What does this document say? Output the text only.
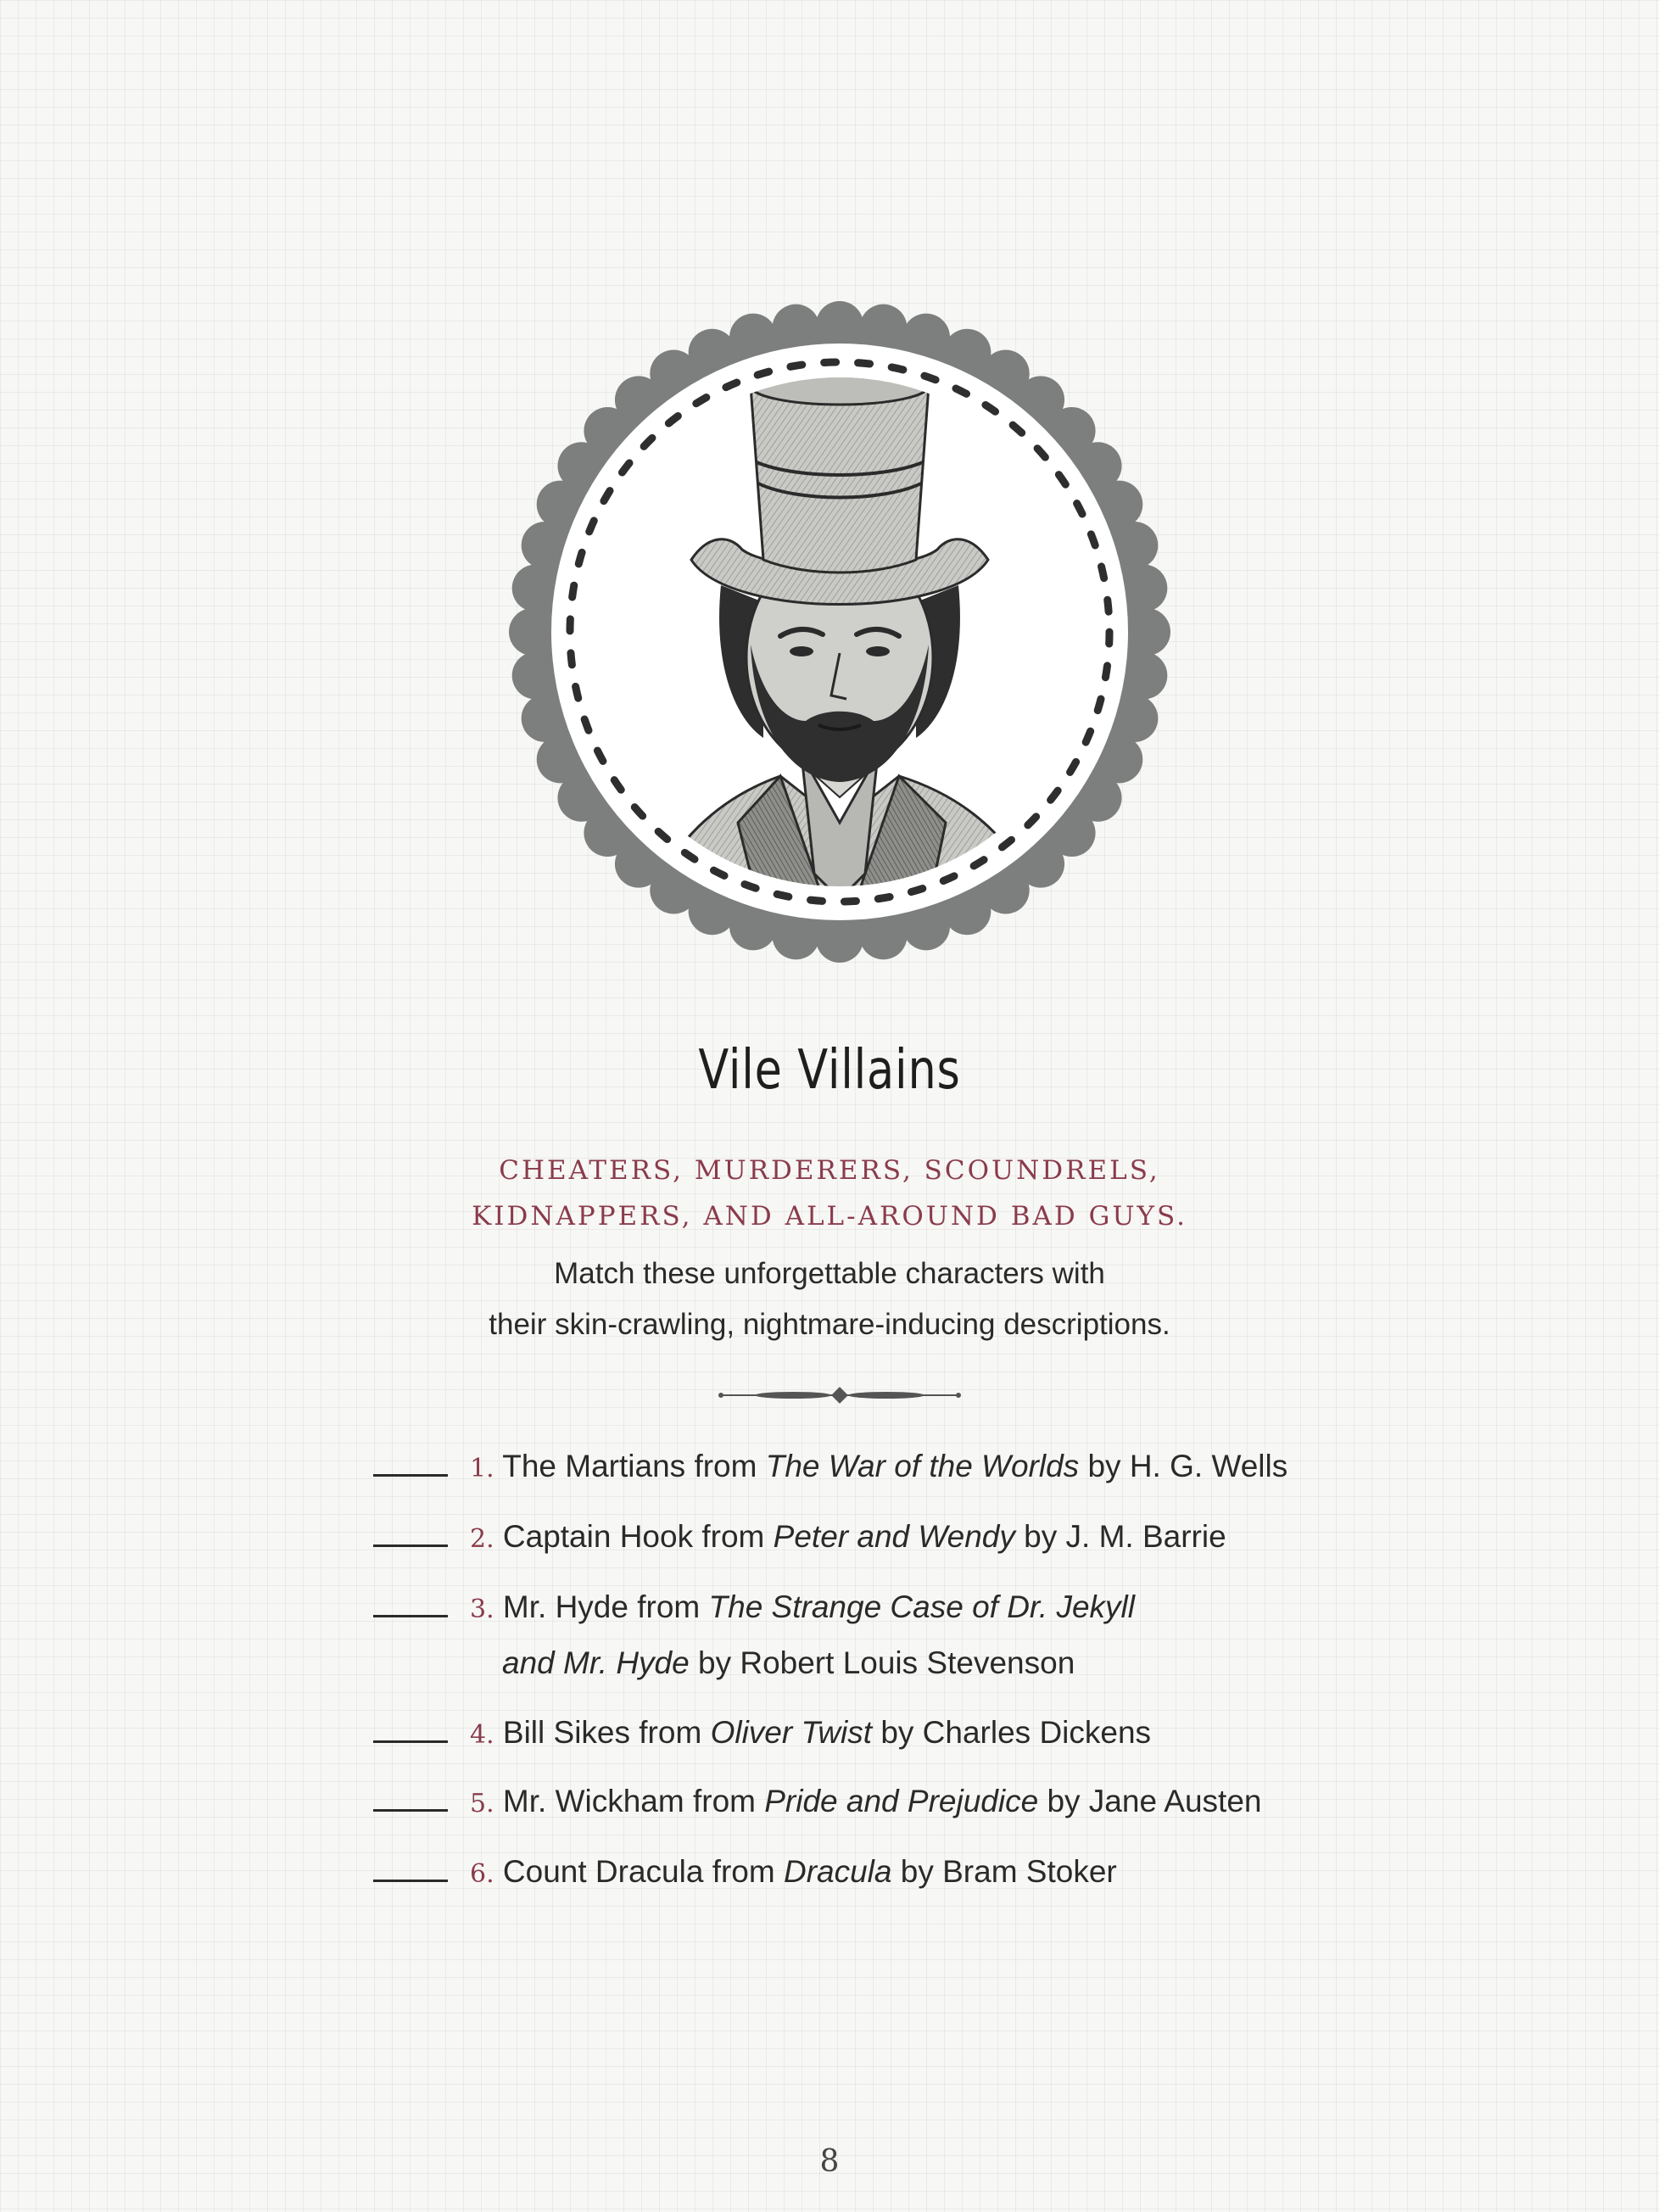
Vile Villains
CHEATERS, MURDERERS, SCOUNDRELS,
KIDNAPPERS, AND ALL-AROUND BAD GUYS.
Match these unforgettable characters with
their skin-crawling, nightmare-inducing descriptions.
1. The Martians from The War of the Worlds by H. G. Wells
2. Captain Hook from Peter and Wendy by J. M. Barrie
3. Mr. Hyde from The Strange Case of Dr. Jekyll
and Mr. Hyde by Robert Louis Stevenson
4. Bill Sikes from Oliver Twist by Charles Dickens
5. Mr. Wickham from Pride and Prejudice by Jane Austen
6. Count Dracula from Dracula by Bram Stoker
8
